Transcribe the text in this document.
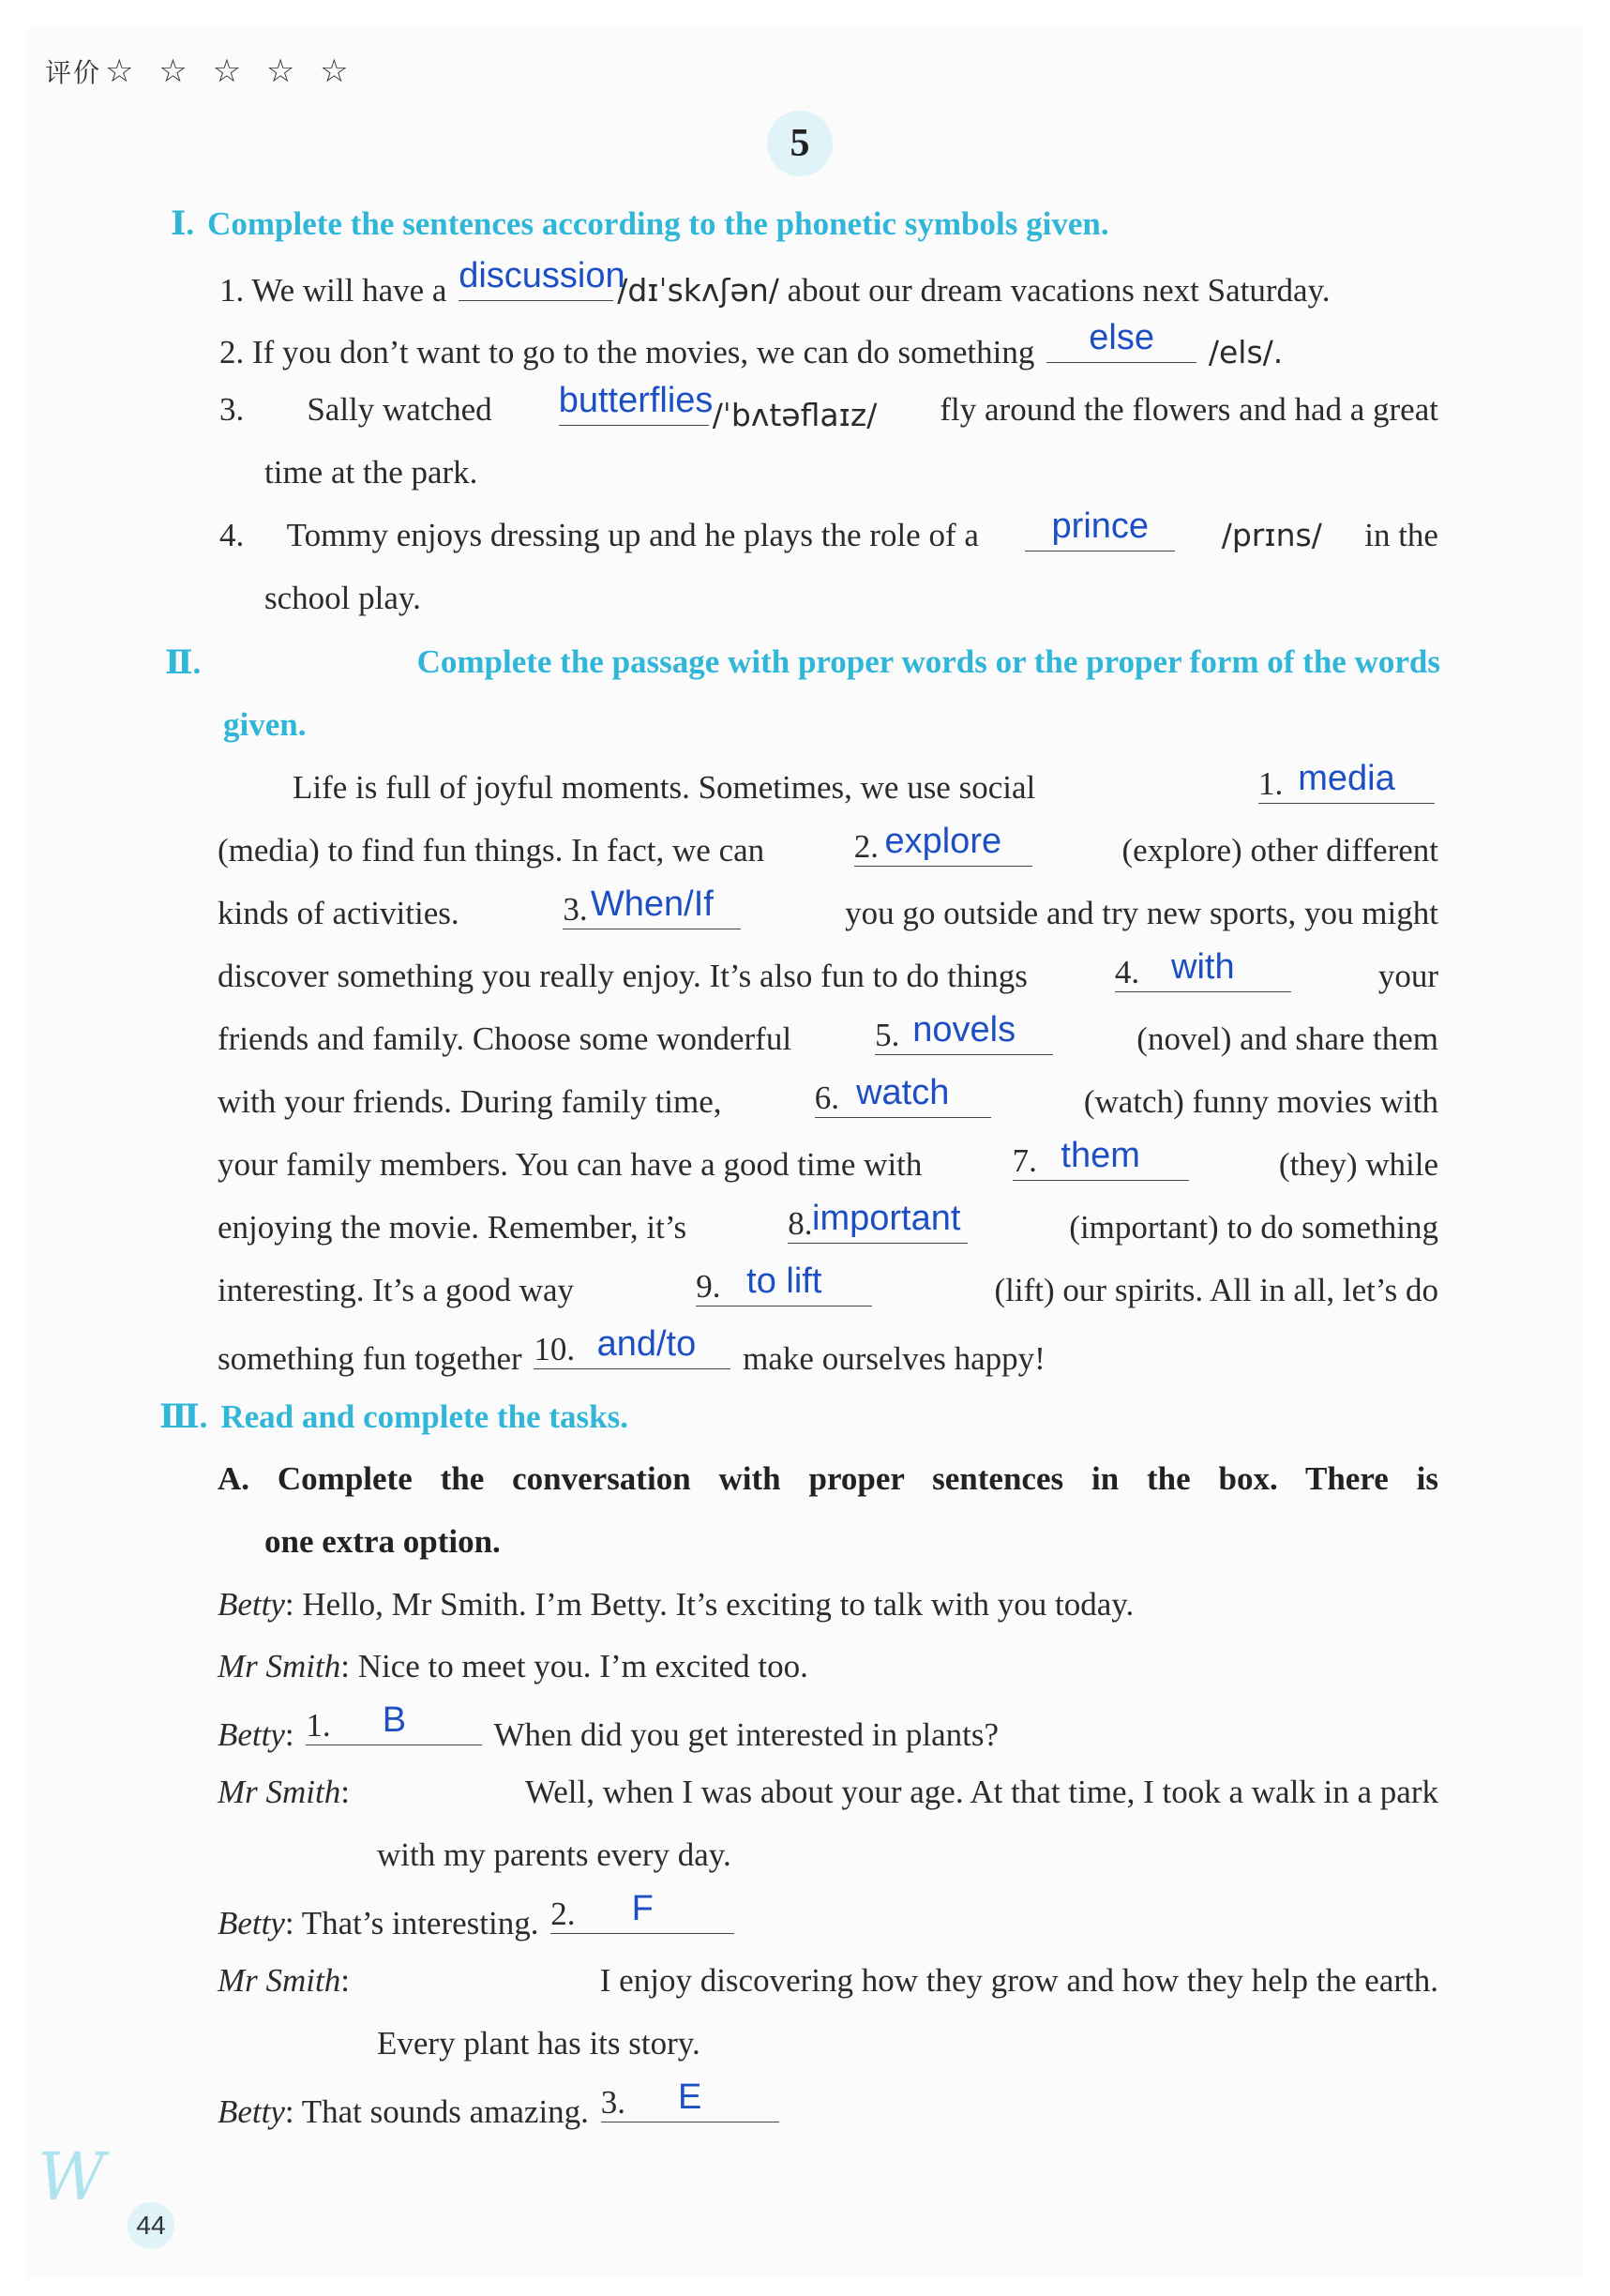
评价 ☆ ☆ ☆ ☆ ☆
5
Ⅰ. Complete the sentences according to the phonetic symbols given.
1. We will have a discussion
/dɪˈskʌʃən/ about our dream vacations next Saturday.
2. If you don’t want to go to the movies, we can do something	else	/els/.
3. Sally watched butterflies /ˈbʌtəflaɪz/ fly around the flowers and had a great
time at the park.
4. Tommy enjoys dressing up and he plays the role of a	prince	/prɪns/ in the
school play.
Ⅱ.	Complete the passage with proper words or the proper form of the words
given.
Life is full of joyful moments. Sometimes, we use social	1. media
(media) to find fun things. In fact, we can	2. explore	(explore) other different
kinds of activities.	3. When/If	you go outside and try new sports, you might
discover something you really enjoy. It’s also fun to do things	4. with	your
friends and family. Choose some wonderful	5. novels	(novel) and share them
with your friends. During family time,	6. watch	(watch) funny movies with
your family members. You can have a good time with	7. them	(they) while
enjoying the movie. Remember, it’s	8. important	(important) to do something
interesting. It’s a good way	9. to lift	(lift) our spirits. All in all, let’s do
something fun together 10. and/to	make ourselves happy!
Ⅲ. Read and complete the tasks.
A. Complete the conversation with proper sentences in the box. There is
one extra option.
Betty: Hello, Mr Smith. I’m Betty. It’s exciting to talk with you today.
Mr Smith: Nice to meet you. I’m excited too.
Betty: 1.	B	When did you get interested in plants?
Mr Smith:	Well, when I was about your age. At that time, I took a walk in a park
with my parents every day.
Betty: That’s interesting. 2.	F
Mr Smith:	I enjoy discovering how they grow and how they help the earth.
Every plant has its story.
Betty: That sounds amazing. 3.	E
W
44
